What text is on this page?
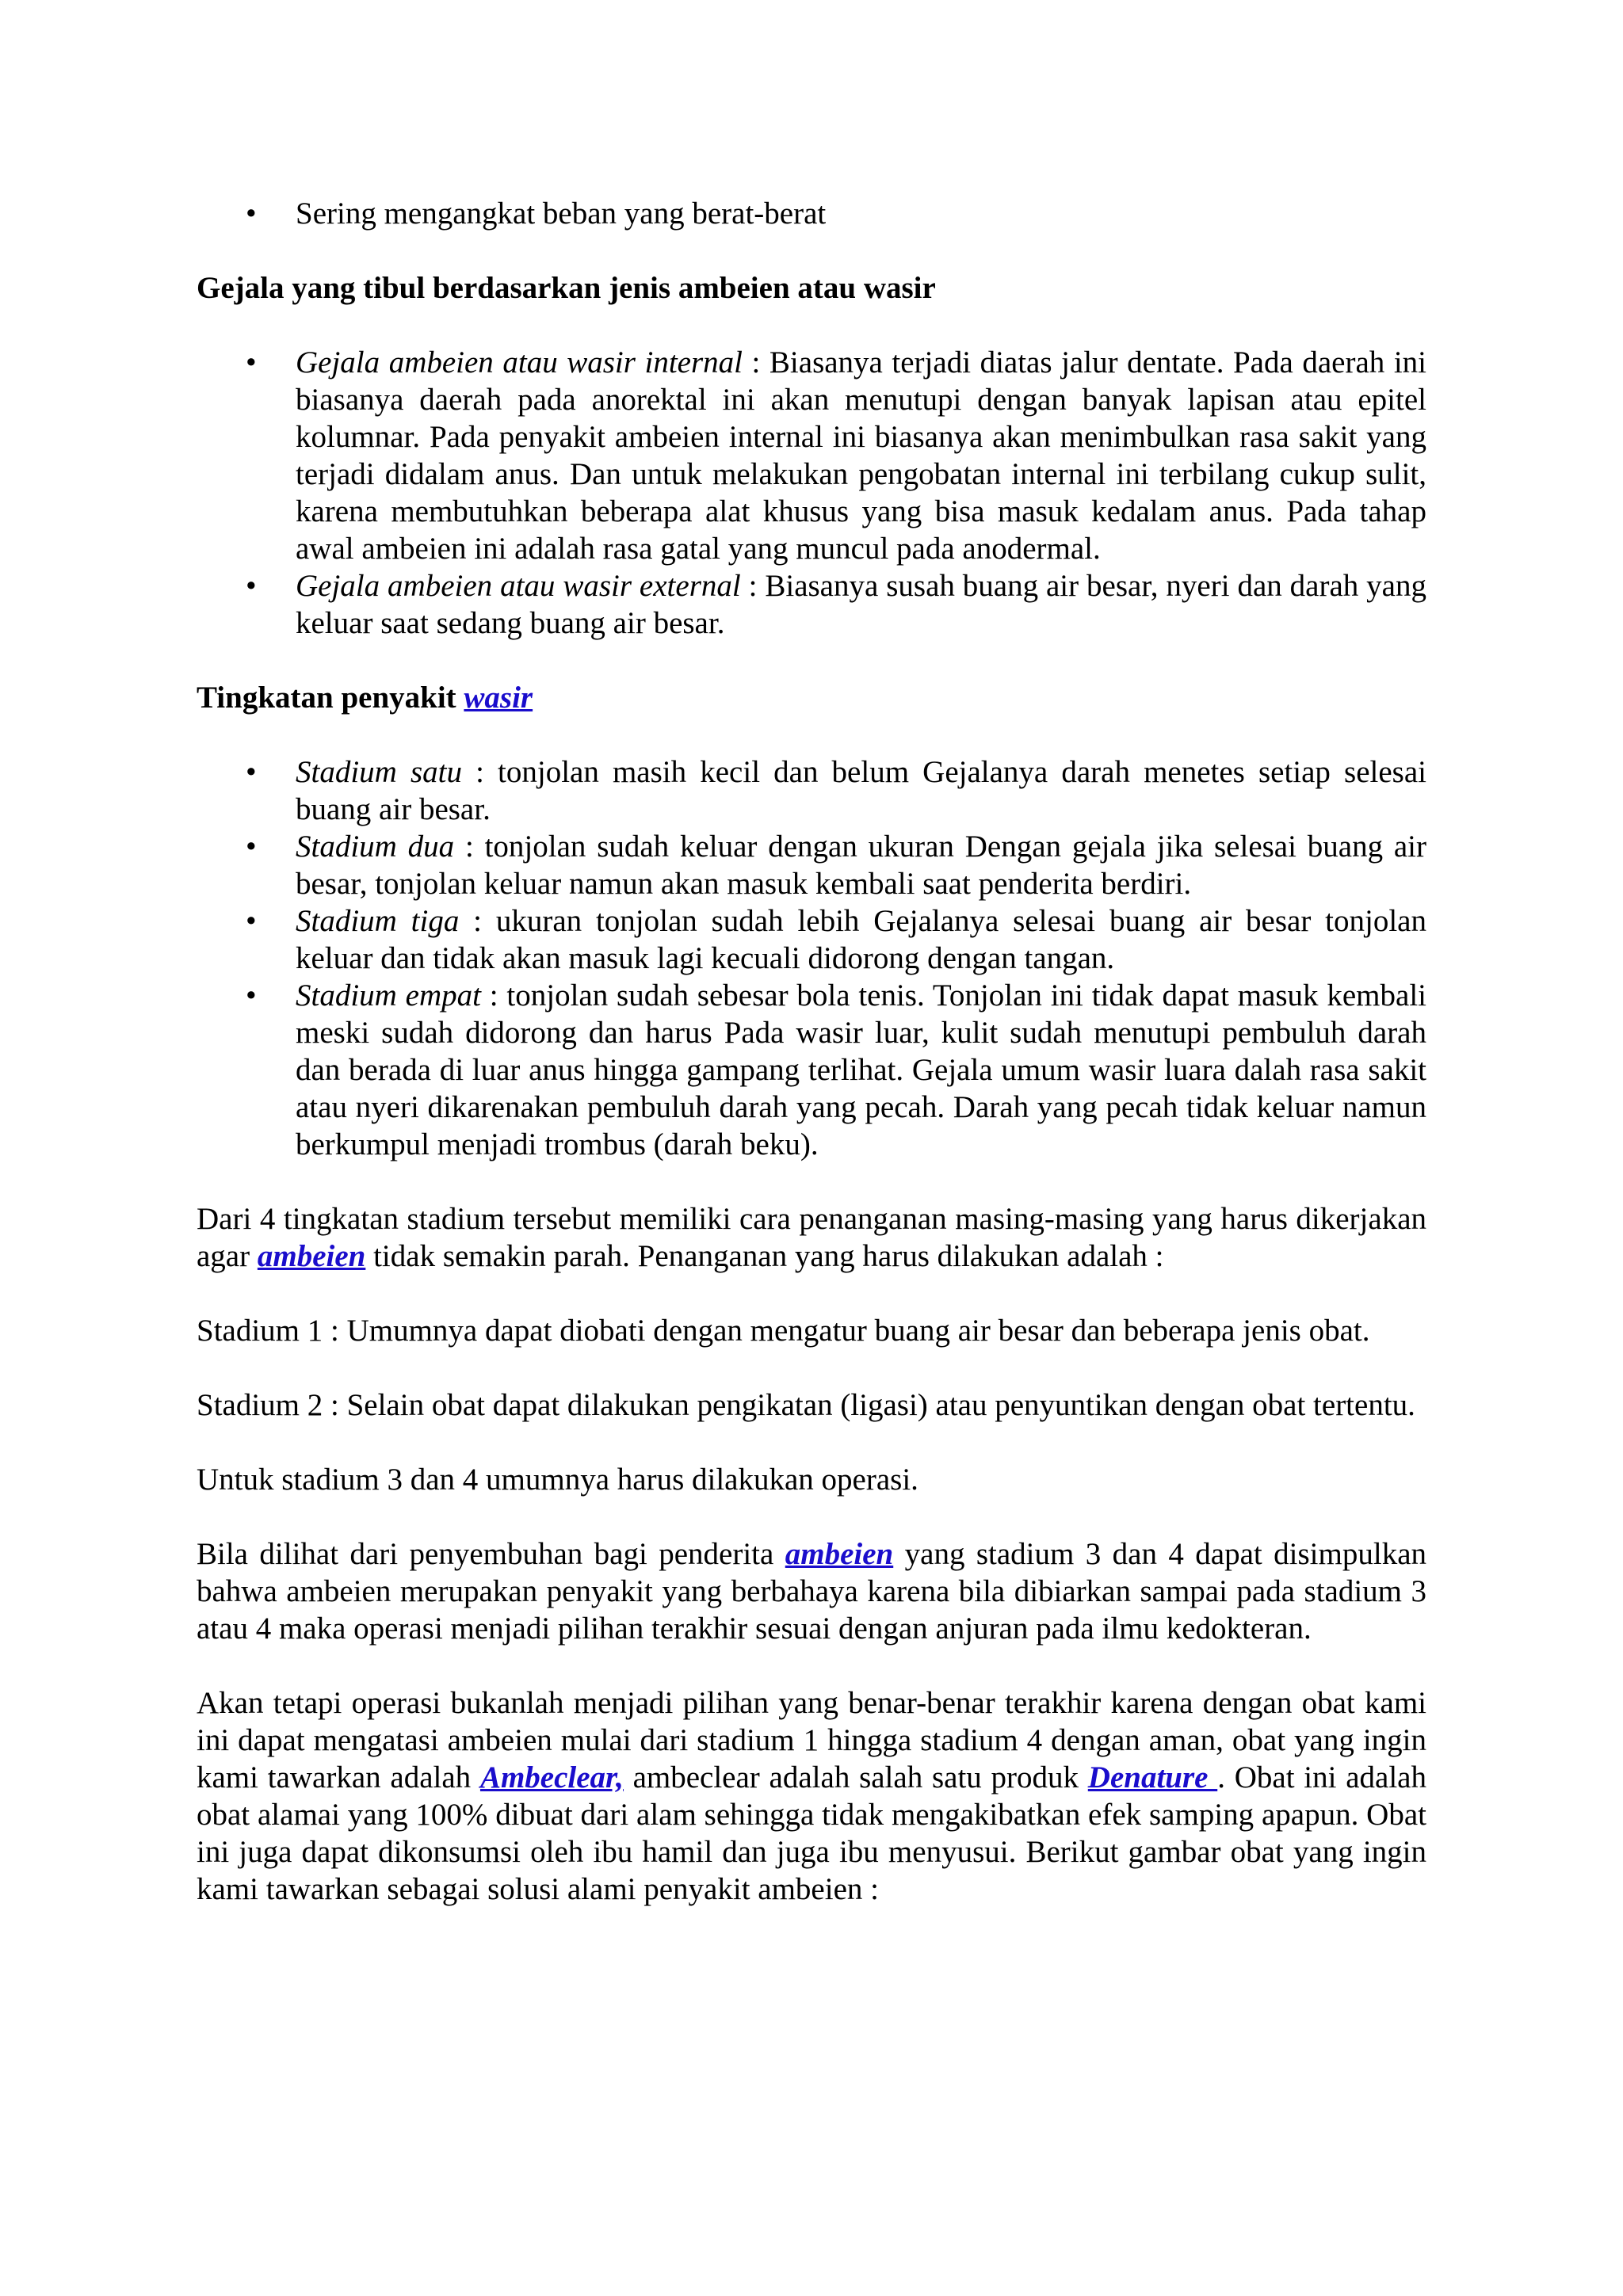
• Sering mengangkat beban yang berat-berat
Gejala yang tibul berdasarkan jenis ambeien atau wasir
• Gejala ambeien atau wasir internal : Biasanya terjadi diatas jalur dentate. Pada daerah ini biasanya daerah pada anorektal ini akan menutupi dengan banyak lapisan atau epitel kolumnar. Pada penyakit ambeien internal ini biasanya akan menimbulkan rasa sakit yang terjadi didalam anus. Dan untuk melakukan pengobatan internal ini terbilang cukup sulit, karena membutuhkan beberapa alat khusus yang bisa masuk kedalam anus. Pada tahap awal ambeien ini adalah rasa gatal yang muncul pada anodermal.
• Gejala ambeien atau wasir external : Biasanya susah buang air besar, nyeri dan darah yang keluar saat sedang buang air besar.
Tingkatan penyakit wasir
• Stadium satu : tonjolan masih kecil dan belum Gejalanya darah menetes setiap selesai buang air besar.
• Stadium dua : tonjolan sudah keluar dengan ukuran Dengan gejala jika selesai buang air besar, tonjolan keluar namun akan masuk kembali saat penderita berdiri.
• Stadium tiga : ukuran tonjolan sudah lebih Gejalanya selesai buang air besar tonjolan keluar dan tidak akan masuk lagi kecuali didorong dengan tangan.
• Stadium empat : tonjolan sudah sebesar bola tenis. Tonjolan ini tidak dapat masuk kembali meski sudah didorong dan harus Pada wasir luar, kulit sudah menutupi pembuluh darah dan berada di luar anus hingga gampang terlihat. Gejala umum wasir luara dalah rasa sakit atau nyeri dikarenakan pembuluh darah yang pecah. Darah yang pecah tidak keluar namun berkumpul menjadi trombus (darah beku).

Dari 4 tingkatan stadium tersebut memiliki cara penanganan masing-masing yang harus dikerjakan agar ambeien tidak semakin parah. Penanganan yang harus dilakukan adalah :

Stadium 1 : Umumnya dapat diobati dengan mengatur buang air besar dan beberapa jenis obat.

Stadium 2 : Selain obat dapat dilakukan pengikatan (ligasi) atau penyuntikan dengan obat tertentu.

Untuk stadium 3 dan 4 umumnya harus dilakukan operasi.

Bila dilihat dari penyembuhan bagi penderita ambeien yang stadium 3 dan 4 dapat disimpulkan bahwa ambeien merupakan penyakit yang berbahaya karena bila dibiarkan sampai pada stadium 3 atau 4 maka operasi menjadi pilihan terakhir sesuai dengan anjuran pada ilmu kedokteran.

Akan tetapi operasi bukanlah menjadi pilihan yang benar-benar terakhir karena dengan obat kami ini dapat mengatasi ambeien mulai dari stadium 1 hingga stadium 4 dengan aman, obat yang ingin kami tawarkan adalah Ambeclear, ambeclear adalah salah satu produk Denature . Obat ini adalah obat alamai yang 100% dibuat dari alam sehingga tidak mengakibatkan efek samping apapun. Obat ini juga dapat dikonsumsi oleh ibu hamil dan juga ibu menyusui. Berikut gambar obat yang ingin kami tawarkan sebagai solusi alami penyakit ambeien :
